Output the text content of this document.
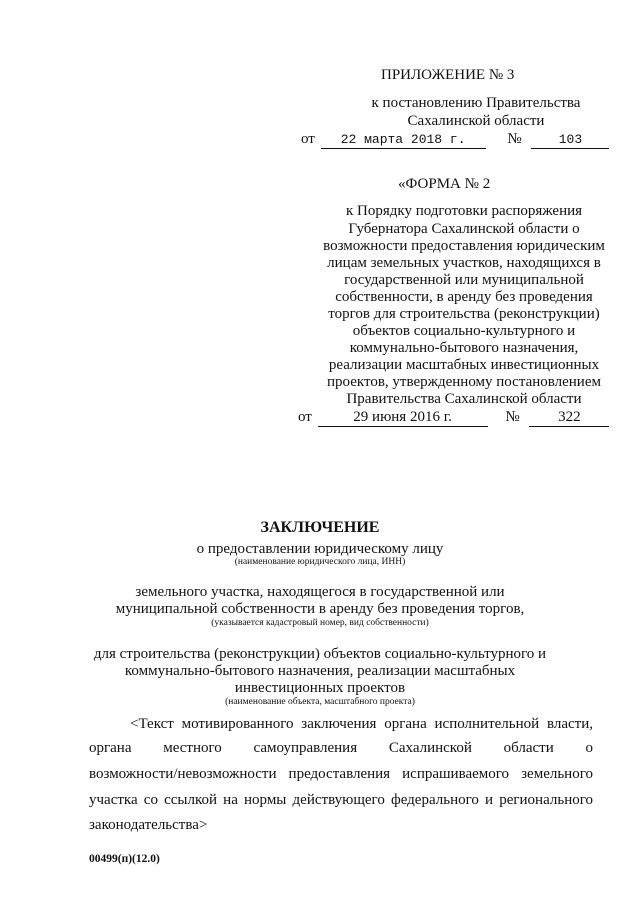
ПРИЛОЖЕНИЕ № 3
к постановлению Правительства
Сахалинской области
от 22 марта 2018 г.	№	103
«ФОРМА № 2
к Порядку подготовки распоряжения
Губернатора Сахалинской области о
возможности предоставления юридическим
лицам земельных участков, находящихся в
государственной или муниципальной
собственности, в аренду без проведения
торгов для строительства (реконструкции)
объектов социально-культурного и
коммунально-бытового назначения,
реализации масштабных инвестиционных
проектов, утвержденному постановлением
Правительства Сахалинской области
от	29 июня 2016 г.	№	322
ЗАКЛЮЧЕНИЕ
о предоставлении юридическому лицу
(наименование юридического лица, ИНН)
земельного участка, находящегося в государственной или
муниципальной собственности в аренду без проведения торгов,
(указывается кадастровый номер, вид собственности)
для строительства (реконструкции) объектов социально-культурного и
коммунально-бытового назначения, реализации масштабных
инвестиционных проектов
(наименование объекта, масштабного проекта)
<Текст мотивированного заключения органа исполнительной власти,
органа местного самоуправления Сахалинской области о
возможности/невозможности предоставления испрашиваемого земельного
участка со ссылкой на нормы действующего федерального и регионального
законодательства>
00499(п)(12.0)
